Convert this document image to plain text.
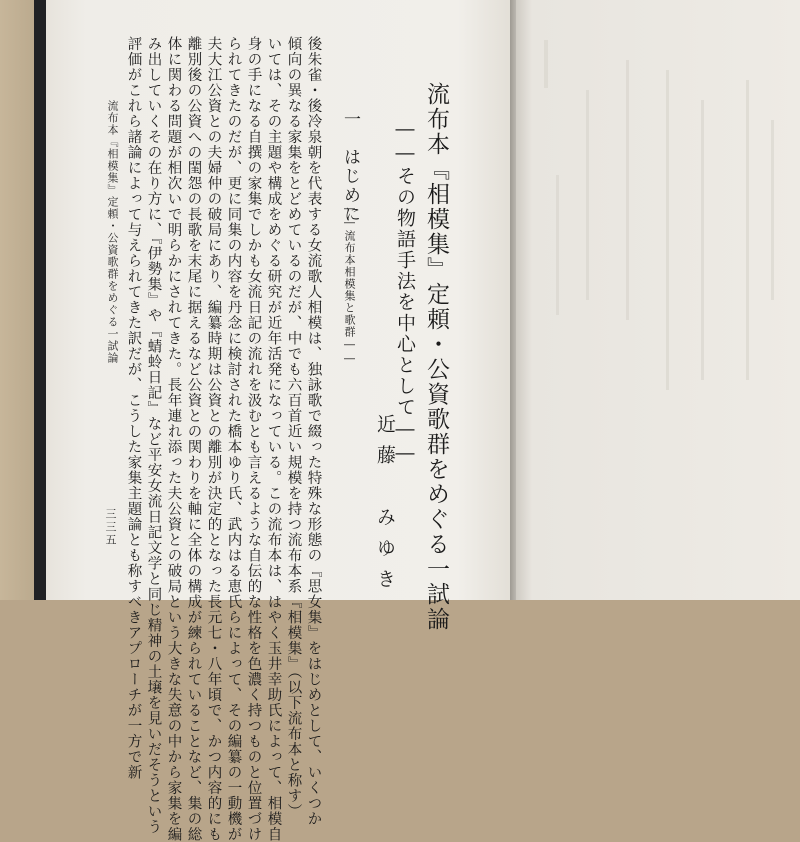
流布本『相模集』定頼・公資歌群をめぐる一試論
――その物語手法を中心として――
近藤　みゆき
一　はじめに
――流布本相模集と歌群――
後朱雀・後冷泉朝を代表する女流歌人相模は、独詠歌で綴った特殊な形態の『思女集』をはじめとして、いくつか
傾向の異なる家集をとどめているのだが、中でも六百首近い規模を持つ流布本系『相模集』（以下流布本と称す）
いては、その主題や構成をめぐる研究が近年活発になっている。この流布本は、はやく玉井幸助氏によって、相模自
身の手になる自撰の家集でしかも女流日記の流れを汲むとも言えるような自伝的な性格を色濃く持つものと位置づけ
られてきたのだが、更に同集の内容を丹念に検討された橋本ゆり氏、武内はる恵氏らによって、その編纂の一動機が
夫大江公資との夫婦仲の破局にあり、編纂時期は公資との離別が決定的となった長元七・八年頃で、かつ内容的にも
離別後の公資への閨怨の長歌を末尾に据えるなど公資との関わりを軸に全体の構成が練られていることなど、集の総
体に関わる問題が相次いで明らかにされてきた。長年連れ添った夫公資との破局という大きな失意の中から家集を編
み出していくその在り方に、『伊勢集』や『蜻蛉日記』など平安女流日記文学と同じ精神の土壌を見いだそうという
評価がこれら諸論によって与えられてきた訳だが、こうした家集主題論とも称すべきアプローチが一方で新
流布本『相模集』定頼・公資歌群をめぐる一試論
三三五
